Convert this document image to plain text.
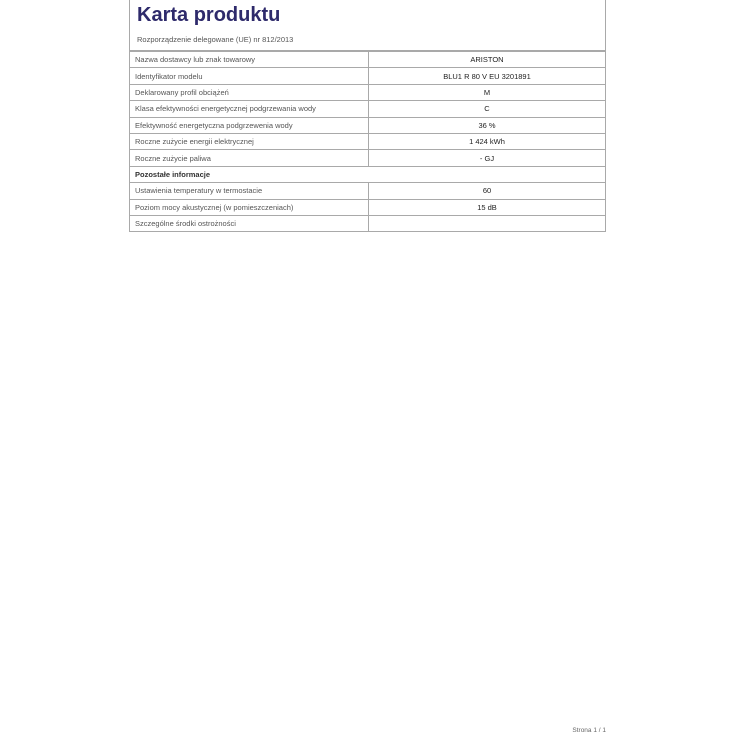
Karta produktu
Rozporządzenie delegowane (UE) nr 812/2013
Nazwa dostawcy lub znak towarowy	ARISTON
Identyfikator modelu	BLU1 R 80 V EU 3201891
Deklarowany profil obciążeń	M
Klasa efektywności energetycznej podgrzewania wody	C
Efektywność energetyczna podgrzewenia wody	36 %
Roczne zużycie energii elektrycznej	1 424 kWh
Roczne zużycie paliwa	- GJ
Pozostałe informacje	
Ustawienia temperatury w termostacie	60
Poziom mocy akustycznej (w pomieszczeniach)	15 dB
Szczególne środki ostrożności	
Strona 1 / 1
